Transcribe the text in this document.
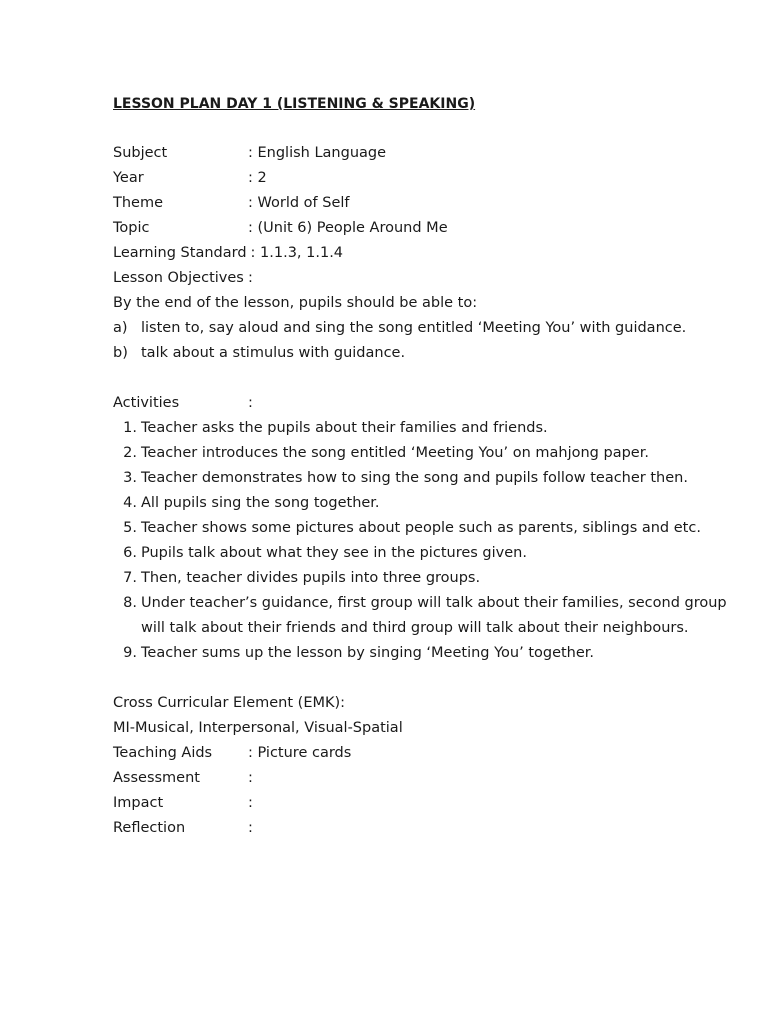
LESSON PLAN DAY 1 (LISTENING & SPEAKING)
Subject	: English Language
Year	: 2
Theme	: World of Self
Topic	: (Unit 6) People Around Me
Learning Standard : 1.1.3, 1.1.4
Lesson Objectives :
By the end of the lesson, pupils should be able to:
a) listen to, say aloud and sing the song entitled ‘Meeting You’ with guidance.
b) talk about a stimulus with guidance.
Activities	:
1. Teacher asks the pupils about their families and friends.
2. Teacher introduces the song entitled ‘Meeting You’ on mahjong paper.
3. Teacher demonstrates how to sing the song and pupils follow teacher then.
4. All pupils sing the song together.
5. Teacher shows some pictures about people such as parents, siblings and etc.
6. Pupils talk about what they see in the pictures given.
7. Then, teacher divides pupils into three groups.
8. Under teacher’s guidance, first group will talk about their families, second group will talk about their friends and third group will talk about their neighbours.
9. Teacher sums up the lesson by singing ‘Meeting You’ together.
Cross Curricular Element (EMK):
MI-Musical, Interpersonal, Visual-Spatial
Teaching Aids	: Picture cards
Assessment	:
Impact	:
Reflection	:
